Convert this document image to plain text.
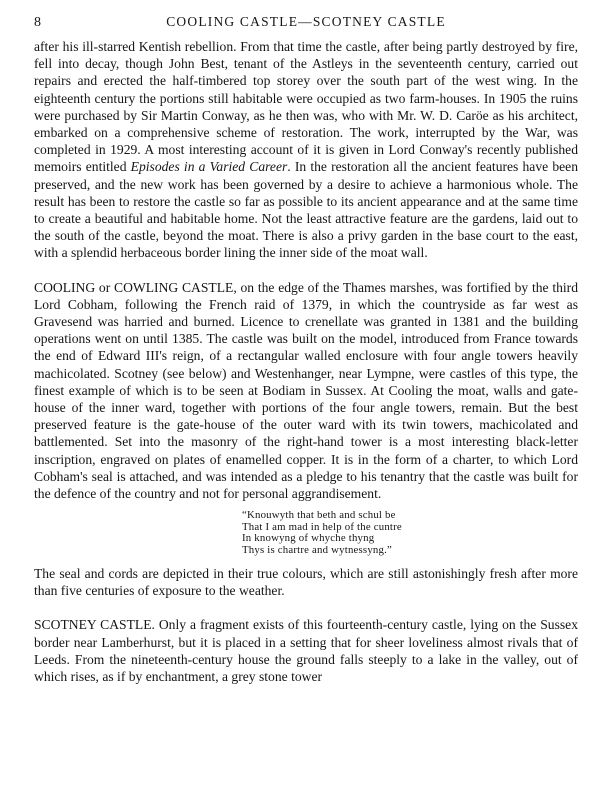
8	COOLING CASTLE—SCOTNEY CASTLE

after his ill-starred Kentish rebellion. From that time the castle, after being partly destroyed by fire, fell into decay, though John Best, tenant of the Astleys in the seventeenth century, carried out repairs and erected the half-timbered top storey over the south part of the west wing. In the eighteenth century the portions still habitable were occupied as two farm-houses. In 1905 the ruins were purchased by Sir Martin Conway, as he then was, who with Mr. W. D. Caröe as his architect, embarked on a comprehensive scheme of restoration. The work, interrupted by the War, was completed in 1929. A most interesting account of it is given in Lord Conway's recently published memoirs entitled Episodes in a Varied Career. In the restoration all the ancient features have been preserved, and the new work has been governed by a desire to achieve a harmonious whole. The result has been to restore the castle so far as possible to its ancient appearance and at the same time to create a beautiful and habitable home. Not the least attractive feature are the gardens, laid out to the south of the castle, beyond the moat. There is also a privy garden in the base court to the east, with a splendid herbaceous border lining the inner side of the moat wall.

COOLING or COWLING CASTLE, on the edge of the Thames marshes, was fortified by the third Lord Cobham, following the French raid of 1379, in which the countryside as far west as Gravesend was harried and burned. Licence to crenellate was granted in 1381 and the building operations went on until 1385. The castle was built on the model, introduced from France towards the end of Edward III's reign, of a rectangular walled enclosure with four angle towers heavily machicolated. Scotney (see below) and Westenhanger, near Lympne, were castles of this type, the finest example of which is to be seen at Bodiam in Sussex. At Cooling the moat, walls and gate-house of the inner ward, together with portions of the four angle towers, remain. But the best preserved feature is the gate-house of the outer ward with its twin towers, machicolated and battlemented. Set into the masonry of the right-hand tower is a most interesting black-letter inscription, engraved on plates of enamelled copper. It is in the form of a charter, to which Lord Cobham's seal is attached, and was intended as a pledge to his tenantry that the castle was built for the defence of the country and not for personal aggrandisement.

“Knouwyth that beth and schul be
That I am mad in help of the cuntre
In knowyng of whyche thyng
Thys is chartre and wytnessyng.”

The seal and cords are depicted in their true colours, which are still astonishingly fresh after more than five centuries of exposure to the weather.

SCOTNEY CASTLE. Only a fragment exists of this fourteenth-century castle, lying on the Sussex border near Lamberhurst, but it is placed in a setting that for sheer loveliness almost rivals that of Leeds. From the nineteenth-century house the ground falls steeply to a lake in the valley, out of which rises, as if by enchantment, a grey stone tower
